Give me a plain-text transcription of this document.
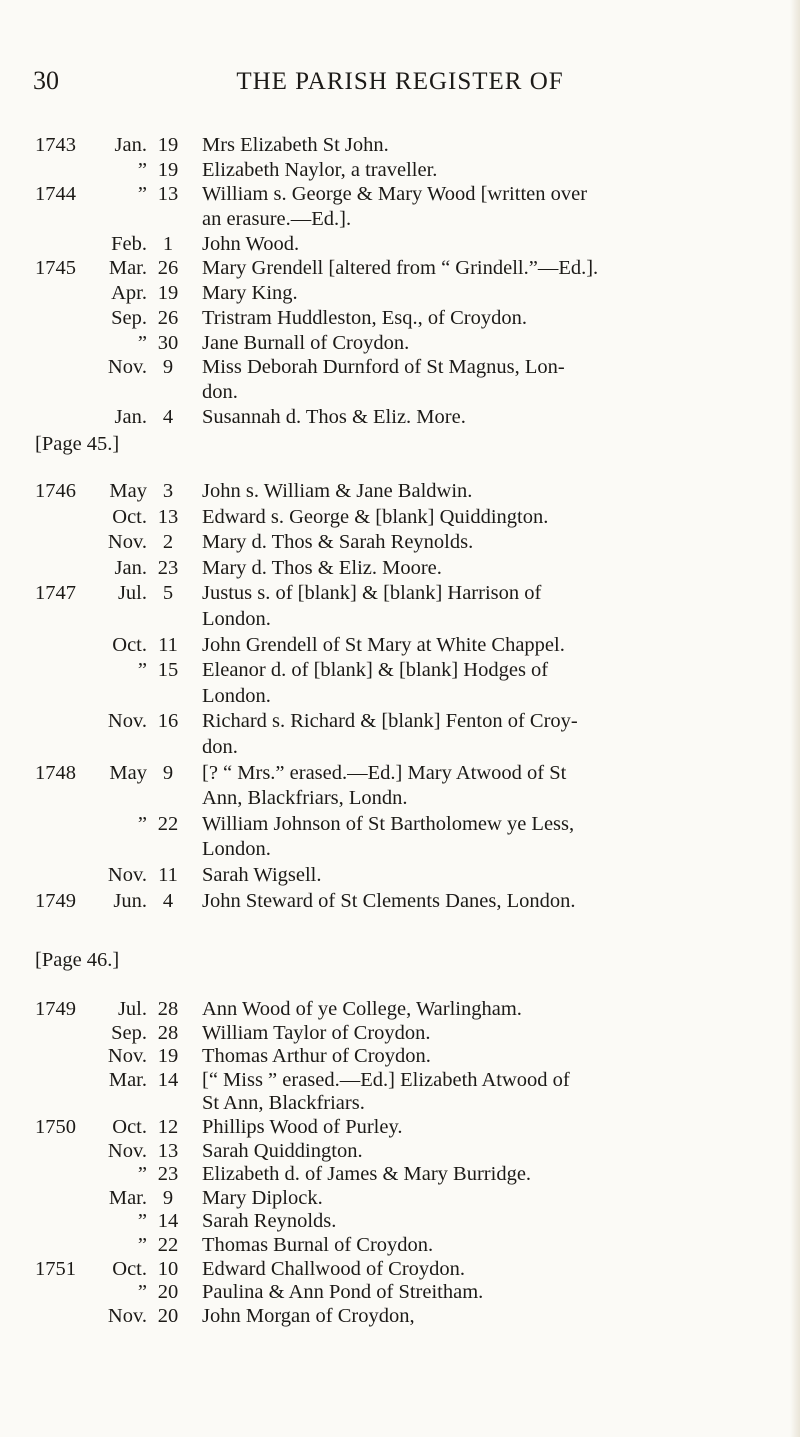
30	THE PARISH REGISTER OF
1743	Jan. 19	Mrs Elizabeth St John.
” 19	Elizabeth Naylor, a traveller.
1744	” 13	William s. George & Mary Wood [written over
an erasure.—Ed.].
Feb. 1	John Wood.
1745	Mar. 26	Mary Grendell [altered from “ Grindell.”—Ed.].
Apr. 19	Mary King.
Sep. 26	Tristram Huddleston, Esq., of Croydon.
” 30	Jane Burnall of Croydon.
Nov. 9	Miss Deborah Durnford of St Magnus, Lon-
don.
Jan. 4	Susannah d. Thos & Eliz. More.
[Page 45.]
1746	May 3	John s. William & Jane Baldwin.
Oct. 13	Edward s. George & [blank] Quiddington.
Nov. 2	Mary d. Thos & Sarah Reynolds.
Jan. 23	Mary d. Thos & Eliz. Moore.
1747	Jul. 5	Justus s. of [blank] & [blank] Harrison of
London.
Oct. 11	John Grendell of St Mary at White Chappel.
” 15	Eleanor d. of [blank] & [blank] Hodges of
London.
Nov. 16	Richard s. Richard & [blank] Fenton of Croy-
don.
1748	May 9	[? “ Mrs.” erased.—Ed.] Mary Atwood of St
Ann, Blackfriars, Londn.
” 22	William Johnson of St Bartholomew ye Less,
London.
Nov. 11	Sarah Wigsell.
1749	Jun. 4	John Steward of St Clements Danes, London.
[Page 46.]
1749	Jul. 28	Ann Wood of ye College, Warlingham.
Sep. 28	William Taylor of Croydon.
Nov. 19	Thomas Arthur of Croydon.
Mar. 14	[“ Miss ” erased.—Ed.] Elizabeth Atwood of
St Ann, Blackfriars.
1750	Oct. 12	Phillips Wood of Purley.
Nov. 13	Sarah Quiddington.
” 23	Elizabeth d. of James & Mary Burridge.
Mar. 9	Mary Diplock.
” 14	Sarah Reynolds.
” 22	Thomas Burnal of Croydon.
1751	Oct. 10	Edward Challwood of Croydon.
” 20	Paulina & Ann Pond of Streitham.
Nov. 20	John Morgan of Croydon,
